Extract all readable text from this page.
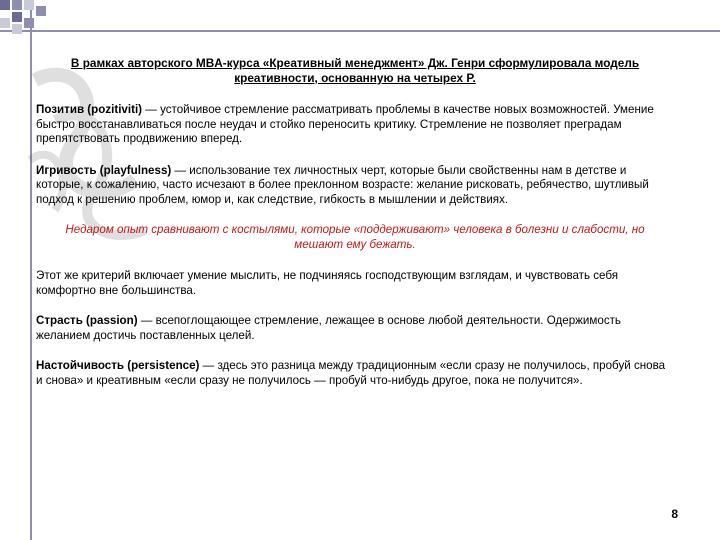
В рамках авторского MBA-курса «Креативный менеджмент» Дж. Генри сформулировала модель креативности, основанную на четырех Р.

Позитив (pozitiviti) — устойчивое стремление рассматривать проблемы в качестве новых возможностей. Умение быстро восстанавливаться после неудач и стойко переносить критику. Стремление не позволяет преградам препятствовать продвижению вперед.

Игривость (playfulness) — использование тех личностных черт, которые были свойственны нам в детстве и которые, к сожалению, часто исчезают в более преклонном возрасте: желание рисковать, ребячество, шутливый подход к решению проблем, юмор и, как следствие, гибкость в мышлении и действиях.

Недаром опыт сравнивают с костылями, которые «поддерживают» человека в болезни и слабости, но мешают ему бежать.

Этот же критерий включает умение мыслить, не подчиняясь господствующим взглядам, и чувствовать себя комфортно вне большинства.

Страсть (passion) — всепоглощающее стремление, лежащее в основе любой деятельности. Одержимость желанием достичь поставленных целей.

Настойчивость (persistence) — здесь это разница между традиционным «если сразу не получилось, пробуй снова и снова» и креативным «если сразу не получилось — пробуй что-нибудь другое, пока не получится».

8
